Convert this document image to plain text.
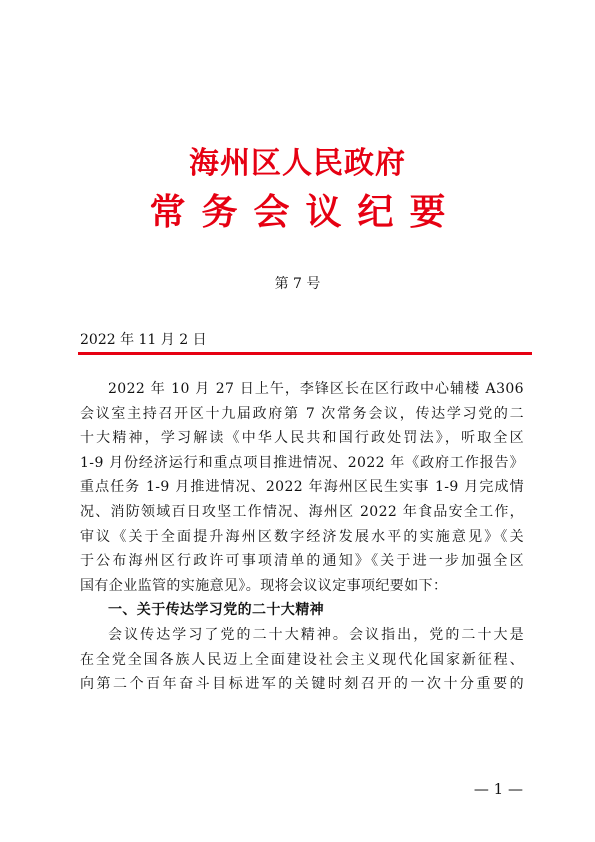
海州区人民政府
常务会议纪要
第 7 号
2022 年 11 月 2 日

2022 年 10 月 27 日上午，李锋区长在区行政中心辅楼 A306

会议室主持召开区十九届政府第 7 次常务会议，传达学习党的二

十大精神，学习解读《中华人民共和国行政处罚法》，听取全区

1-9 月份经济运行和重点项目推进情况、2022 年《政府工作报告》

重点任务 1-9 月推进情况、2022 年海州区民生实事 1-9 月完成情

况、消防领域百日攻坚工作情况、海州区 2022 年食品安全工作，

审议《关于全面提升海州区数字经济发展水平的实施意见》《关

于公布海州区行政许可事项清单的通知》《关于进一步加强全区

国有企业监管的实施意见》。现将会议议定事项纪要如下：

一、关于传达学习党的二十大精神

会议传达学习了党的二十大精神。会议指出，党的二十大是

在全党全国各族人民迈上全面建设社会主义现代化国家新征程、

向第二个百年奋斗目标进军的关键时刻召开的一次十分重要的

— 1 —
